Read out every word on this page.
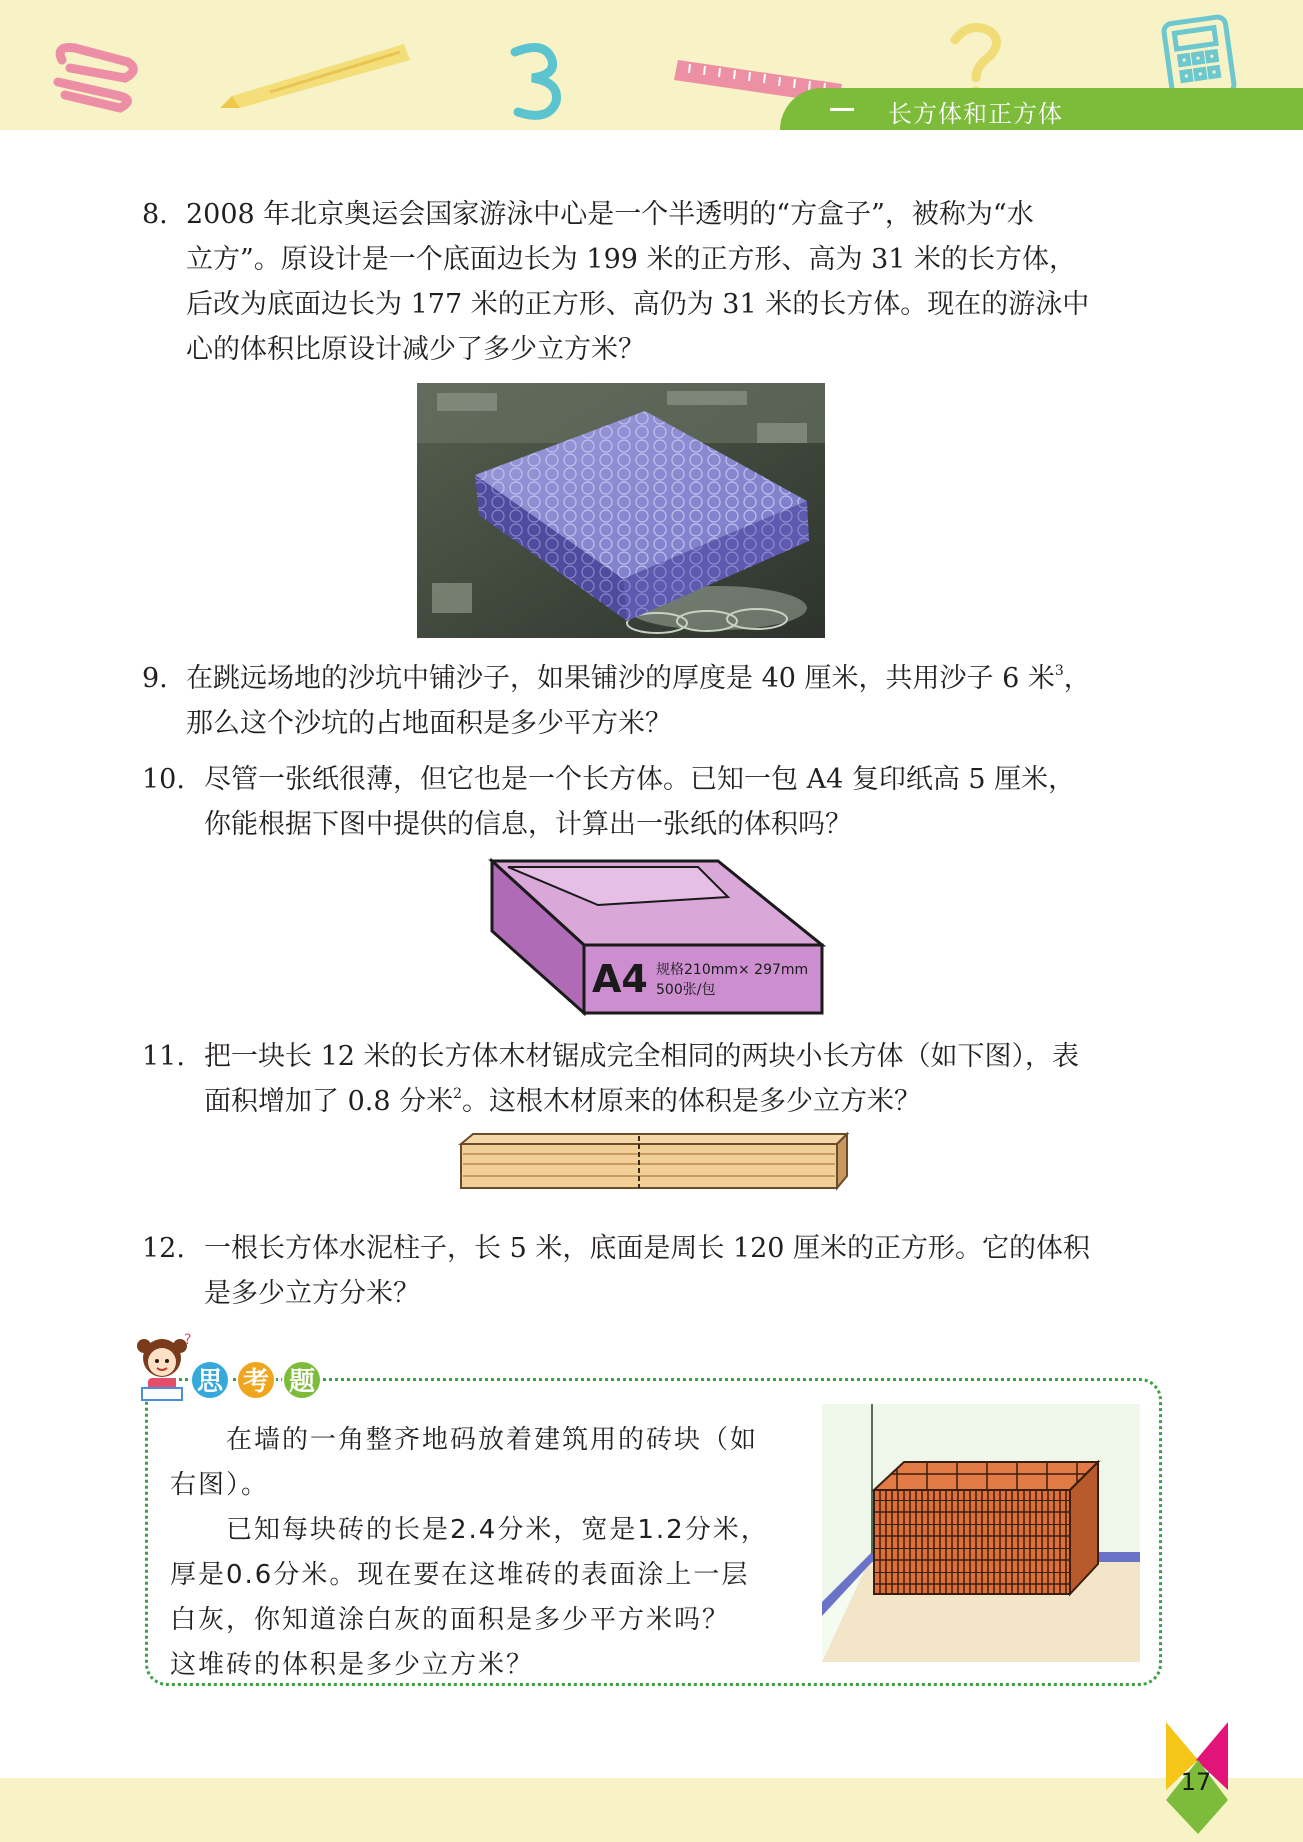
长方体和正方体
8. 2008 年北京奥运会国家游泳中心是一个半透明的“方盒子”，被称为“水
立方”。原设计是一个底面边长为 199 米的正方形、高为 31 米的长方体，
后改为底面边长为 177 米的正方形、高仍为 31 米的长方体。现在的游泳中
心的体积比原设计减少了多少立方米？
9. 在跳远场地的沙坑中铺沙子，如果铺沙的厚度是 40 厘米，共用沙子 6 米$^3$，
那么这个沙坑的占地面积是多少平方米？
10. 尽管一张纸很薄，但它也是一个长方体。已知一包 A4 复印纸高 5 厘米，
你能根据下图中提供的信息，计算出一张纸的体积吗？
A4 规格210mm× 297mm
500张/包
11. 把一块长 12 米的长方体木材锯成完全相同的两块小长方体（如下图），表
面积增加了 0.8 分米$^2$。这根木材原来的体积是多少立方米？
12. 一根长方体水泥柱子，长 5 米，底面是周长 120 厘米的正方形。它的体积
是多少立方分米？
?
思 考 题
　　在墙的一角整齐地码放着建筑用的砖块（如
右图）。
　　已知每块砖的长是2.4分米，宽是1.2分米，
厚是0.6分米。现在要在这堆砖的表面涂上一层
白灰，你知道涂白灰的面积是多少平方米吗？
这堆砖的体积是多少立方米？
17
